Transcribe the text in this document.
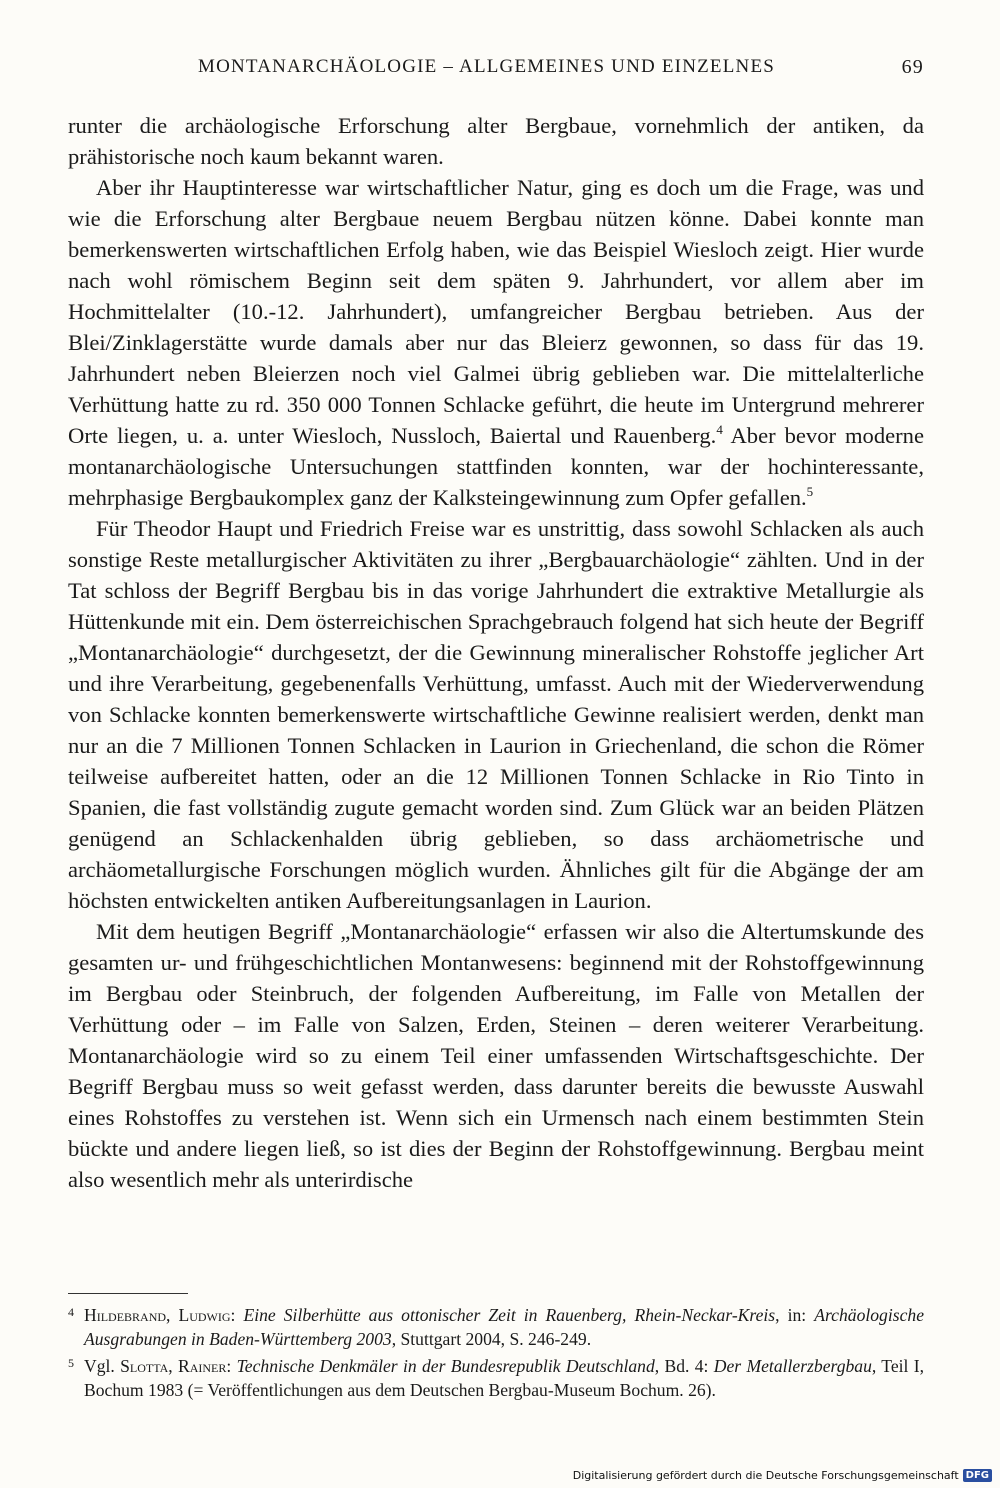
MONTANARCHÄOLOGIE – ALLGEMEINES UND EINZELNES	69

runter die archäologische Erforschung alter Bergbaue, vornehmlich der antiken, da prähistorische noch kaum bekannt waren.

Aber ihr Hauptinteresse war wirtschaftlicher Natur, ging es doch um die Frage, was und wie die Erforschung alter Bergbaue neuem Bergbau nützen könne. Dabei konnte man bemerkenswerten wirtschaftlichen Erfolg haben, wie das Beispiel Wiesloch zeigt. Hier wurde nach wohl römischem Beginn seit dem späten 9. Jahrhundert, vor allem aber im Hochmittelalter (10.-12. Jahrhundert), umfangreicher Bergbau betrieben. Aus der Blei/Zinklagerstätte wurde damals aber nur das Bleierz gewonnen, so dass für das 19. Jahrhundert neben Bleierzen noch viel Galmei übrig geblieben war. Die mittelalterliche Verhüttung hatte zu rd. 350 000 Tonnen Schlacke geführt, die heute im Untergrund mehrerer Orte liegen, u. a. unter Wiesloch, Nussloch, Baiertal und Rauenberg.$^4$ Aber bevor moderne montanarchäologische Untersuchungen stattfinden konnten, war der hochinteressante, mehrphasige Bergbaukomplex ganz der Kalksteingewinnung zum Opfer gefallen.$^5$

Für Theodor Haupt und Friedrich Freise war es unstrittig, dass sowohl Schlacken als auch sonstige Reste metallurgischer Aktivitäten zu ihrer „Bergbauarchäologie“ zählten. Und in der Tat schloss der Begriff Bergbau bis in das vorige Jahrhundert die extraktive Metallurgie als Hüttenkunde mit ein. Dem österreichischen Sprachgebrauch folgend hat sich heute der Begriff „Montanarchäologie“ durchgesetzt, der die Gewinnung mineralischer Rohstoffe jeglicher Art und ihre Verarbeitung, gegebenenfalls Verhüttung, umfasst. Auch mit der Wiederverwendung von Schlacke konnten bemerkenswerte wirtschaftliche Gewinne realisiert werden, denkt man nur an die 7 Millionen Tonnen Schlacken in Laurion in Griechenland, die schon die Römer teilweise aufbereitet hatten, oder an die 12 Millionen Tonnen Schlacke in Rio Tinto in Spanien, die fast vollständig zugute gemacht worden sind. Zum Glück war an beiden Plätzen genügend an Schlackenhalden übrig geblieben, so dass archäometrische und archäometallurgische Forschungen möglich wurden. Ähnliches gilt für die Abgänge der am höchsten entwickelten antiken Aufbereitungsanlagen in Laurion.

Mit dem heutigen Begriff „Montanarchäologie“ erfassen wir also die Altertumskunde des gesamten ur- und frühgeschichtlichen Montanwesens: beginnend mit der Rohstoffgewinnung im Bergbau oder Steinbruch, der folgenden Aufbereitung, im Falle von Metallen der Verhüttung oder – im Falle von Salzen, Erden, Steinen – deren weiterer Verarbeitung. Montanarchäologie wird so zu einem Teil einer umfassenden Wirtschaftsgeschichte. Der Begriff Bergbau muss so weit gefasst werden, dass darunter bereits die bewusste Auswahl eines Rohstoffes zu verstehen ist. Wenn sich ein Urmensch nach einem bestimmten Stein bückte und andere liegen ließ, so ist dies der Beginn der Rohstoffgewinnung. Bergbau meint also wesentlich mehr als unterirdische

4 Hildebrand, Ludwig: Eine Silberhütte aus ottonischer Zeit in Rauenberg, Rhein-Neckar-Kreis, in: Archäologische Ausgrabungen in Baden-Württemberg 2003, Stuttgart 2004, S. 246-249.

5 Vgl. Slotta, Rainer: Technische Denkmäler in der Bundesrepublik Deutschland, Bd. 4: Der Metallerzbergbau, Teil I, Bochum 1983 (= Veröffentlichungen aus dem Deutschen Bergbau-Museum Bochum. 26).

Digitalisierung gefördert durch die Deutsche Forschungsgemeinschaft DFG
